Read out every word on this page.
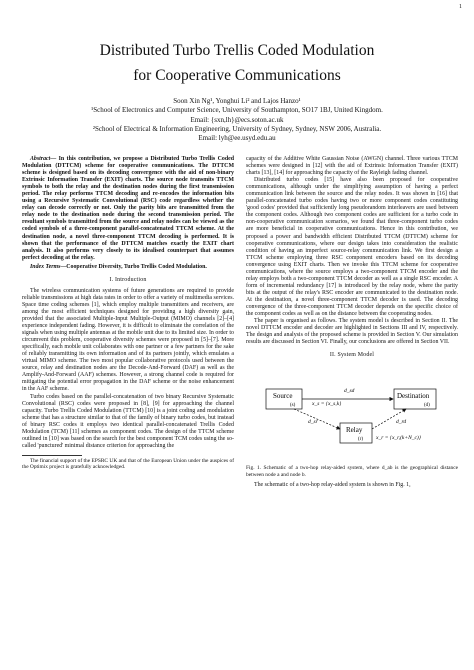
1
Distributed Turbo Trellis Coded Modulation
for Cooperative Communications
Soon Xin Ng¹, Yonghui Li² and Lajos Hanzo¹
¹School of Electronics and Computer Science, University of Southampton, SO17 1BJ, United Kingdom.
Email: {sxn,lh}@ecs.soton.ac.uk
²School of Electrical & Information Engineering, University of Sydney, Sydney, NSW 2006, Australia.
Email: lyh@ee.usyd.edu.au

Abstract— In this contribution, we propose a Distributed Turbo Trellis Coded Modulation (DTTCM) scheme for cooperative communications. The DTTCM scheme is designed based on its decoding convergence with the aid of non-binary Extrinsic Information Transfer (EXIT) charts. The source node transmits TTCM symbols to both the relay and the destination nodes during the first transmission period. The relay performs TTCM decoding and re-encodes the information bits using a Recursive Systematic Convolutional (RSC) code regardless whether the relay can decode correctly or not. Only the parity bits are transmitted from the relay node to the destination node during the second transmission period. The resultant symbols transmitted from the source and relay nodes can be viewed as the coded symbols of a three-component parallel-concatenated TTCM scheme. At the destination node, a novel three-component TTCM decoding is performed. It is shown that the performance of the DTTCM matches exactly the EXIT chart analysis. It also performs very closely to its idealised counterpart that assumes perfect decoding at the relay.

Index Terms—Cooperative Diversity, Turbo Trellis Coded Modulation.

I. Introduction

The wireless communication systems of future generations are required to provide reliable transmissions at high data rates in order to offer a variety of multimedia services. Space time coding schemes [1], which employ multiple transmitters and receivers, are among the most efficient techniques designed for providing a high diversity gain, provided that the associated Multiple-Input Multiple-Output (MIMO) channels [2]–[4] experience independent fading. However, it is difficult to eliminate the correlation of the signals when using multiple antennas at the mobile unit due to its limited size. In order to circumvent this problem, cooperative diversity schemes were proposed in [5]–[7]. More specifically, each mobile unit collaborates with one partner or a few partners for the sake of reliably transmitting its own information and of its partners jointly, which emulates a virtual MIMO scheme. The two most popular collaborative protocols used between the source, relay and destination nodes are the Decode-And-Forward (DAF) as well as the Amplify-And-Forward (AAF) schemes. However, a strong channel code is required for mitigating the potential error propagation in the DAF scheme or the noise enhancement in the AAF scheme.

Turbo codes based on the parallel-concatenation of two binary Recursive Systematic Convolutional (RSC) codes were proposed in [8], [9] for approaching the channel capacity. Turbo Trellis Coded Modulation (TTCM) [10] is a joint coding and modulation scheme that has a structure similar to that of the family of binary turbo codes, but instead of binary RSC codes it employs two identical parallel-concatenated Trellis Coded Modulation (TCM) [11] schemes as component codes. The design of the TTCM scheme outlined in [10] was based on the search for the best component TCM codes using the so-called 'punctured' minimal distance criterion for approaching the

The financial support of the EPSRC UK and that of the European Union under the auspices of the Optimix project is gratefully acknowledged.

capacity of the Additive White Gaussian Noise (AWGN) channel. Three various TTCM schemes were designed in [12] with the aid of Extrinsic Information Transfer (EXIT) charts [13], [14] for approaching the capacity of the Rayleigh fading channel.

Distributed turbo codes [15] have also been proposed for cooperative communications, although under the simplifying assumption of having a perfect communication link between the source and the relay nodes. It was shown in [16] that parallel-concatenated turbo codes having two or more component codes constituting 'good codes' provided that sufficiently long pseudorandom interleavers are used between the component codes. Although two component codes are sufficient for a turbo code in non-cooperative communication scenarios, we found that three-component turbo codes are more beneficial in cooperative communications. Hence in this contribution, we proposed a power and bandwidth efficient Distributed TTCM (DTTCM) scheme for cooperative communications, where our design takes into consideration the realistic condition of having an imperfect source-relay communication link. We first design a TTCM scheme employing three RSC component encoders based on its decoding convergence using EXIT charts. Then we invoke this TTCM scheme for cooperative communications, where the source employs a two-component TTCM encoder and the relay employs both a two-component TTCM decoder as well as a single RSC encoder. A form of incremental redundancy [17] is introduced by the relay node, where the parity bits at the output of the relay's RSC encoder are communicated to the destination node. At the destination, a novel three-component TTCM decoder is used. The decoding convergence of the three-component TTCM decoder depends on the specific choice of the component codes as well as on the distance between the cooperating nodes.

The paper is organised as follows. The system model is described in Section II. The novel DTTCM encoder and decoder are highlighted in Sections III and IV, respectively. The design and analysis of the proposed scheme is provided in Section V. Our simulation results are discussed in Section VI. Finally, our conclusions are offered in Section VII.

II. System Model
Source
(s)
Destination
(d)
Relay
(r)
d_sd
x_s = {x_s,k}
d_sr	d_rd
x_r = {x_r,(k+N_c)}

Fig. 1. Schematic of a two-hop relay-aided system, where d_ab is the geographical distance between node a and node b.

The schematic of a two-hop relay-aided system is shown in Fig. 1,
